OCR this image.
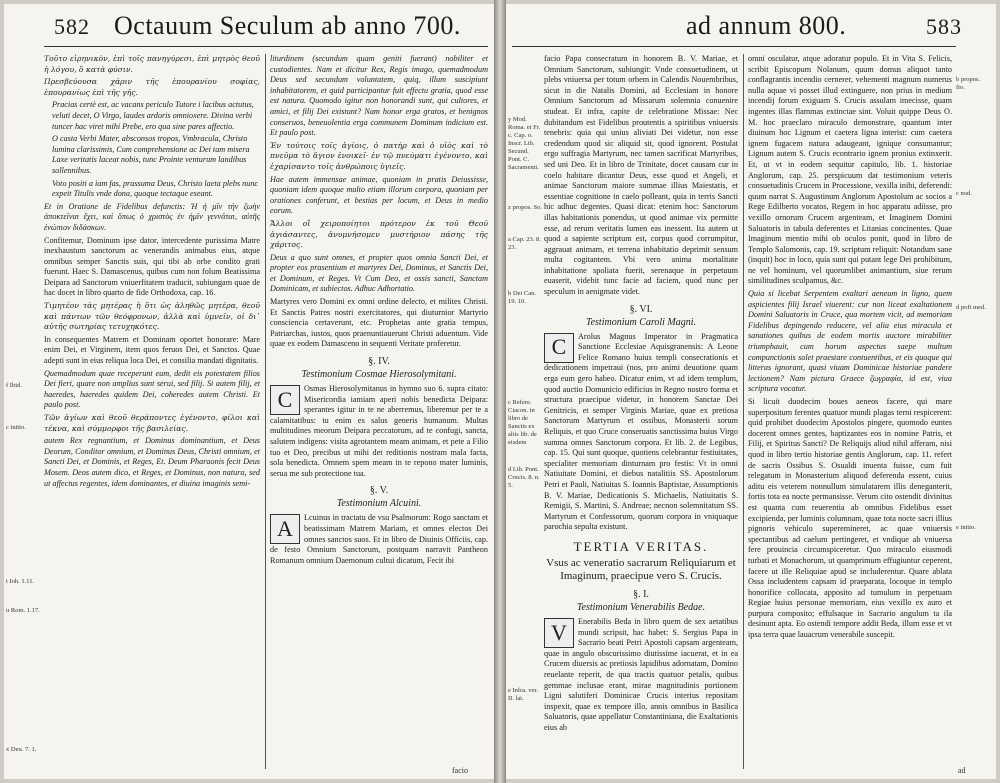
582 Octauum Seculum ab anno 700.
f Ibid.
c initio.
t Ioh. 1.11.
u Rom. 1.17.
x Deu. 7. 1.

Τοῦτο εἰρηνικὸν, ἐπὶ τοῖς πανηγύρεσι, ἐπὶ μητρὸς θεοῦ ἡ λόγου, ὃ κατὰ φύσιν.

Πρεσβεύουσα χάριν τῆς ἐπουρανίου σοφίας, ἐπουρανίως ἐπὶ τῆς γῆς.

Pracias certè est, ac vacans periculo Tutore i lacibus actutus, veluti decet, O Virgo, laudes ardoris omnioxere. Divina verbi tuncer hac viret mihi Prebe, ero qua sine pares affectio.

O casta Verbi Mater, absconsos tropos, Vmbracula, Christo lumina clarissimis, Cum comprehensione ac Dei tam misera Laxe veritatis laceat nobis, tunc Prointe venturum landibus sollennibus.

Voto positi a iam fas, prassuma Deus, Christo laeta plebs nunc expeit Titulis vnde dona, quoque tectaque eseant.

Et in Oratione de Fidelibus defunctis: Ἡ ἡ μῖν τὴν ζωὴν ἀποκτεῖναι ἔχει, καὶ ὅπως ὁ χριστὸς ἐν ἡμῖν γεννᾶται, αὐτῆς ἐνώπιον διδάσκων.

Confitemur, Dominum ipse dator, intercedente purissima Matre inexhaustum sanctorum ac venerandis animabus eius, atque omnibus semper Sanctis suis, qui tibi ab orbe condito grati fuerunt. Haec S. Damascenus, quibus cum non folum Beatissima Deipara ad Sanctorum vniuerfitatem traducit, subiungam quae de hac docet in libro quarto de fide Orthodoxa, cap. 16.

Τιμητέον τὰς μητέρας ἡ ὅτι ὡς ἀληθῶς μητέρα, θεοῦ καὶ πάντων τῶν θεόφρονων, ἀλλὰ καὶ ὑμνεῖν, οἱ δι᾽ αὐτῆς σωτηρίας τετυχηκότες.

In consequentes Matrem et Dominam oportet honorare: Mare enim Dei, et Virginem, item quos feruos Dei, et Sanctos. Quae adepti sunt in eius reliqua loca Dei, et consilia mandati dignitatis.

Quemadmodum quae receperunt eum, dedit eis potestatem filios Dei fieri, quare non amplius sunt serui, sed filij. Si autem filij, et haeredes, haeredes quidem Dei, coheredes autem Christi. Et paulo post.

Τῶν ἁγίων καὶ θεοῦ θεράποντες ἐγένοντο, φίλοι καὶ τέκνα, καὶ σύμμορφοι τῆς βασιλείας.

autem Rex regnantium, et Dominus dominantium, et Deus Deorum, Conditor omnium, et Dominus Deus, Christi omnium, et Sancti Dei, et Dominis, et Reges, Et. Deum Pharaonis fecit Deus Mosem. Deos autem dico, et Reges, et Dominus, non natura, sed ut affectus regentes, idem dominantes, et diuina imaginis semi-

liturdinem (secundum quam geniti fuerant) nobiliter et custodientes. Nam et dicitur Rex, Regis imago, quemadmodum Deus sed secundum voluntatem, quiq, illum suscipiunt inhabitatorem, et quid participantur fuit effectu gratia, quod esse est natura. Quomodo igitur non honorandi sunt, qui cultores, et amici, et filij Dei existunt? Nam honor erga gratos, et benignos conseruos, beneuolentia erga communem Dominum indicium est. Et paulo post.

Ἐν τούτοις τοῖς ἁγίοις, ὁ πατὴρ καὶ ὁ υἱὸς καὶ τὸ πνεῦμα τὸ ἅγιον ἐνοικεῖ· ἐν τῷ πνεύματι ἐγένοντο, καὶ ἐχαρίσαντο τοῖς ἀνθρώποις ὑγιεῖς.

Hae autem immensae animae, quoniam in pratis Deiussisse, quoniam idem quoque multo etiam illorum corpora, quoniam per orationes conferunt, et bestias per locum, et Deus in medio eorum.

Ἄλλοι οἳ χειροποίητοι πρότερον ἐκ τοῦ Θεοῦ ἁγιάσαντες, ἀνυμνήσομεν μυστήριον πάσης τῆς χάριτος.

Deus a quo sunt omnes, et propter quos omnia Sancti Dei, et propter eos prasentium et martyres Dei, Dominus, et Sanctis Dei, et Dominum, et Reges. Vt Cum Deo, et ossis sancti, Sanctam Dominicam, et subiectos. Adhuc Adhortatio.

Martyres vero Domini ex omni ordine delecto, et milites Christi. Et Sanctis Patres nostri exercitatores, qui diuturnior Martyrio consciencia certaverunt, etc. Prophetas ante gratia tempus, Patriarchas, iustos, quos praenuntiauerunt Christi aduentum. Vide quae ex eodem Damasceno in sequenti Veritate proferetur.

§. IV.
Testimonium Cosmae Hierosolymitani.

C	Osmas Hierosolymitanus in hymno suo 6. supra citato: Misericordia iamiam aperi nobis benedicta Deipara: sperantes igitur in te ne aberremus, liberemur per te a calamitatibus: tu enim es salus generis humanum. Multas multitudines meorum Deipara peccatorum, ad te confugi, sancta, salutem indigens: visita agrotantem meam animam, et pete a Filio tuo et Deo, precibus ut mihi det reditionis nostram mala facta, sola benedicta. Omnem spem meam in te repono mater luminis, serua me sub protectione tua.

§. V.
Testimonium Alcuini.

A	Lcuinus in tractatu de vsu Psalmorum: Rogo sanctam et beatissimam Matrem Mariam, et omnes electos Dei omnes sanctos suos. Et in libro de Diuinis Officiis, cap. de festo Omnium Sanctorum, postquam narravit Pantheon Romanum omnium Daemonum cultui dicatum, Fecit ibi

facio
ad annum 800.	583
y Mod. Roma. et Fr. c. Cap. o. Inscr. Lib. Secund. Pont. C. Sacramenti.
z propos. So.
a Cap. 23. 8. 23.
b Dei Can. 19. 10.
c Refere. Ciacon. in libro de Sanctis ex aliis lib. de eisdem
d Lib. Pont. Crucis. 8. n. 5.
e Infra. ver. II. lat.
b propos. fio.
c nod.
d poft med.
e initio.

facio Papa consecratum in honorem B. V. Mariae, et Omnium Sanctorum, subiungit: Vnde consuetudinem, ut plebs vniuersa per totum orbem in Calendis Nouembribus, sicut in die Natalis Domini, ad Ecclesiam in honore Omnium Sanctorum ad Missarum solemnia conuenire studeat. Et infra, capite de celebratione Missae: Nec dubitandum est Fidelibus proutentis a spiritibus vniuersis tenebris: quia qui unius aliviati Dei videtur, non esse credendum quod sic aliquid sit, quod ignorent. Postulat ergo suffragia Martyrum, nec tamen sacrificat Martyribus, sed uni Deo. Et in libro de Trinitate, docet causam cur in coelo habitare dicantur Deus, esse quod et Angeli, et animae Sanctorum maiore summae illius Maiestatis, et essentiae cognitione in caelo polleant, quia in terris Sancti hic adhuc degentes. Quasi dicat: etenim hoc: Sanctorum illas habitationis ponendus, ut quod animae vix permitte esse, ad rerum veritatis lumen eas inessent. Ita autem ut quod a sapiente scriptum est, corpus quod corrumpitur, aggrauat animam, et terrena inhabitatio deprimit sensum multa cogitantem. Vbi vero anima mortalitate inhabitatione spoliata fuerit, serenaque in perpetuum euaserit, videbit tunc facie ad faciem, quod nunc per speculum in aenigmate videt.

§. VI.
Testimonium Caroli Magni.

C	Arolus Magnus Imperator in Pragmatica Sanctione Ecclesiae Aquisgranensis: A Leone Felice Romano huius templi consecrationis et dedicationem impetraui (nos, pro animi deuotione quam erga eum gero habeo. Dicatur enim, vt ad idem templum, quod auctio Domunicio edificius in Regno nostro forma et structura praecipue videtur, in honorem Sanctae Dei Genitricis, et semper Virginis Mariae, quae ex pretiosa Sanctorum Martyrum et ossibus, Monasterii sorum Reliquis, et quo Cruce conseruatis sanctissima huius Virgo summa omnes Sanctorum corpora. Et lib. 2. de Legibus, cap. 15. Qui sunt quoque, quotiens celebrantur festiuitates, specialiter memoriam dinturnam pro festis: Vt in omni Natiuitate Domini, et diebus natalitiis SS. Apostolorum Petri et Pauli, Natiuitas S. Ioannis Baptistae, Assumptionis B. V. Mariae, Dedicationis S. Michaelis, Natiuitatis S. Remigii, S. Martini, S. Andreae; necnon solemnitatum SS. Martyrum et Confessorum, quorum corpora in vniquaque parochia sepulta existunt.

TERTIA VERITAS.
Vsus ac veneratio sacrarum Reliquiarum et Imaginum, praecipue vero S. Crucis.
§. I.
Testimonium Venerabilis Bedae.

V	Enerabilis Beda in libro quem de sex aetatibus mundi scripsit, hac habet: S. Sergius Papa in Sacrario beati Petri Apostoli capsam argenteam, quae in angulo obscurissimo diutissime iacuerat, et in ea Crucem diuersis ac pretiosis lapidibus adornatam, Domino reuelante reperit, de qua tractis quatuor petalis, quibus gemmae inclusae erant, mirae magnitudinis portionem Ligni salutiferi Dominicae Crucis interius repositam inspexit, quae ex tempore illo, annis omnibus in Basilica Saluatoris, quae appellatur Constantiniana, die Exaltationis eius ab

omni osculatur, atque adoratur populo. Et in Vita S. Felicis, scribit Episcopum Nolanum, quum domus aliquot tanto conflagrantis incendio cernerer, vehementi magnum numerus nulla aquae vi posset illud extinguere, non prius in medium incendij forum exiguam S. Crucis assulam imecisse, quam ingentes illas flammas extinctae sint. Voluit quippe Deus O. M. hoc praeclaro miraculo demonstrare, quantum inter diuinum hoc Lignum et caetera ligna interist: cum caetera ignem fugacem natura adaugeant, ignique consumantur; Lignum autem S. Crucis econtrario ignem pronius extinxerit. Et, ut vt in eodem sequitur capitulo, lib. 1. historiae Anglorum, cap. 25. perspicuum dat testimonium veteris consuetudinis Crucem in Processione, vexilla inibi, deferendi: quum narrat S. Augustinum Anglorum Apostolum ac socios a Rege Edilberto vocatos, Regem in hoc apparatu adiisse, pro vexillo ornorum Crucem argenteam, et Imaginem Domini Saluatoris in tabula deferentes et Litanias concinentes. Quae Imaginum mentio mihi ob oculos ponit, quod in libro de Templo Salomonis, cap. 19. scriptum reliquit: Notandum sane (inquit) hoc in loco, quia sunt qui putant lege Dei prohibitum, ne vel hominum, vel quorumlibet animantium, siue rerum similitudines sculpamus, &c.

Quia si licebat Serpentem exaltari aeneum in ligno, quem aspicientes filij Israel viuerent: cur non liceat exaltationem Domini Saluatoris in Cruce, qua mortem vicit, ad memoriam Fidelibus depingendo reducere, vel alia eius miracula et sanationes quibus de eodem mortis auctore mirabiliter triumphauit, cum horum aspectus saepe multum compunctionis solet praestare contuentibus, et eis quoque qui litteras ignorant, quasi viuam Dominicae historiae pandere lectionem? Nam pictura Graece ζωγραφία, id est, viua scriptura vocatur.

Si licuit duodecim boues aeneos facere, qui mare superpositum ferentes quatuor mundi plagas terni respicerent: quid prohibet duodecim Apostolos pingere, quomodo euntes docerent omnes gentes, baptizantes eos in nomine Patris, et Filij, et Spiritus Sancti? De Reliquijs aliud nihil afferam, nisi quod in libro tertio historiae gentis Anglorum, cap. 11. refert de sacris Ossibus S. Osualdi inuenta fuisse, cum fuit relegatum in Monasterium aliquod deferenda essent, cuius aditu eis veterem nonnullum simulatarem illis deneganterit, fortis tota ea nocte permansisse. Verum cito ostendit divinitus est quanta cum reuerentia ab omnibus Fidelibus esset excipienda, per luminis columnam, quae tota nocte sacri illius pignoris vehiculo superemineret, ac quae vniuersis spectantibus ad caelum pertingeret, et vndique ab vniuersa fere prouincia circumspiceretur. Quo miraculo eiusmodi turbati et Monachorum, ut quamprimum effugiuntur ceperent, facere ut ille Reliquiae apud se includerentur. Quare ablata Ossa includentem capsam id praeparata, locoque in templo honorifice collocata, apposito ad tumulum in perpetuam Regiae huius personae memoriam, eius vexillo ex auro et purpura composito; effulsaque in Sacrario angulum ta ila desinunt apta. Eo ostendi tempore addit Beda, illum esse et vt ipsa terra quae lauacrum venerabile suscepit.

ad
